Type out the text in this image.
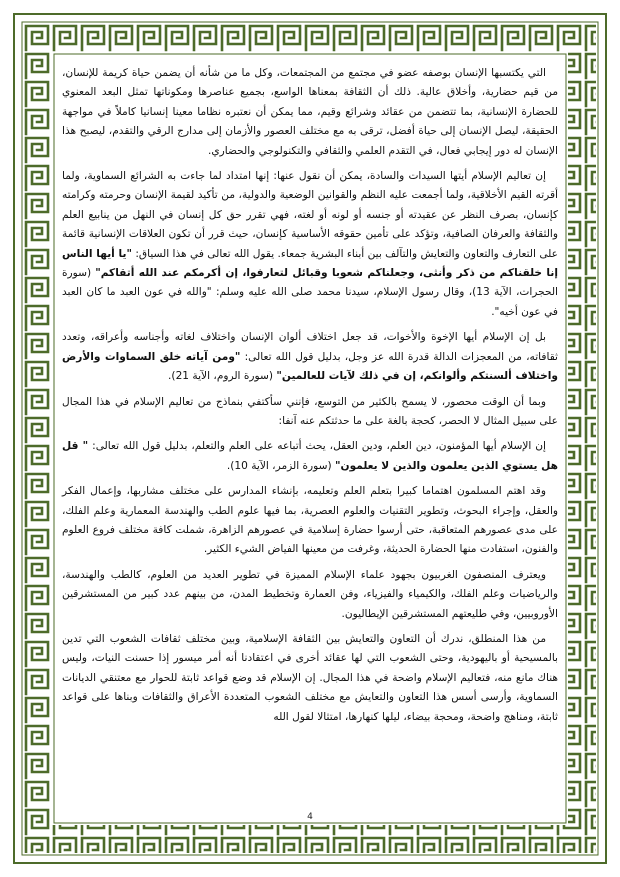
التي يكتسبها الإنسان بوصفه عضو في مجتمع من المجتمعات، وكل ما من شأنه أن يضمن حياة كريمة للإنسان، من قيم حضارية، وأخلاق عالية. ذلك أن الثقافة بمعناها الواسع، بجميع عناصرها ومكوناتها تمثل البعد المعنوي للحضارة الإنسانية، بما تتضمن من عقائد وشرائع وقيم، مما يمكن أن نعتبره نظاما معينا إنسانيا كاملاً في مواجهة الحقيقة، ليصل الإنسان إلى حياة أفضل، ترقى به مع مختلف العصور والأزمان إلى مدارج الرقي والتقدم، ليصبح هذا الإنسان له دور إيجابي فعال، في التقدم العلمي والثقافي والتكنولوجي والحضاري.

إن تعاليم الإسلام أيتها السيدات والسادة، يمكن أن نقول عنها: إنها امتداد لما جاءت به الشرائع السماوية، ولما أقرته القيم الأخلاقية، ولما أجمعت عليه النظم والقوانين الوضعية والدولية، من تأكيد لقيمة الإنسان وحرمته وكرامته كإنسان، بصرف النظر عن عقيدته أو جنسه أو لونه أو لغته، فهي تقرر حق كل إنسان في النهل من ينابيع العلم والثقافة والعرفان الصافية، وتؤكد على تأمين حقوقه الأساسية كإنسان، حيث قرر أن تكون العلاقات الإنسانية قائمة على التعارف والتعاون والتعايش والتآلف بين أبناء البشرية جمعاء. يقول الله تعالى في هذا السياق: "يا أيها الناس إنا خلقناكم من ذكر وأنثى، وجعلناكم شعوبا وقبائل لتعارفوا، إن أكرمكم عند الله أتقاكم" (سورة الحجرات، الآية 13)، وقال رسول الإسلام، سيدنا محمد صلى الله عليه وسلم: "والله في عون العبد ما كان العبد في عون أخيه".

بل إن الإسلام أيها الإخوة والأخوات، قد جعل اختلاف ألوان الإنسان واختلاف لغاته وأجناسه وأعراقه، وتعدد ثقافاته، من المعجزات الدالة قدرة الله عز وجل، بدليل قول الله تعالى: "ومن آياته خلق السماوات والأرض واختلاف ألسنتكم وألوانكم، إن في ذلك لآيات للعالمين" (سورة الروم، الآية 21).

وبما أن الوقت محصور، لا يسمح بالكثير من التوسع، فإنني سأكتفي بنماذج من تعاليم الإسلام في هذا المجال على سبيل المثال لا الحصر، كحجة بالغة على ما حدثتكم عنه آنفا:

إن الإسلام أيها المؤمنون، دين العلم، ودين العقل، يحث أتباعه على العلم والتعلم، بدليل قول الله تعالى: " قل هل يستوي الذين يعلمون والذين لا يعلمون" (سورة الزمر، الآية 10).

وقد اهتم المسلمون اهتماما كبيرا بتعلم العلم وتعليمه، بإنشاء المدارس على مختلف مشاربها، وإعمال الفكر والعقل، وإجراء البحوث، وتطوير التقنيات والعلوم العصرية، بما فيها علوم الطب والهندسة المعمارية وعلم الفلك، على مدى عصورهم المتعاقبة، حتى أرسوا حضارة إسلامية في عصورهم الزاهرة، شملت كافة مختلف فروع العلوم والفنون، استفادت منها الحضارة الحديثة، وغرفت من معينها الفياض الشيء الكثير.

ويعترف المنصفون الغربيون بجهود علماء الإسلام المميزة في تطوير العديد من العلوم، كالطب والهندسة، والرياضيات وعلم الفلك، والكيمياء والفيزياء، وفن العمارة وتخطيط المدن، من بينهم عدد كبير من المستشرقين الأوروبيين، وفي طليعتهم المستشرقين الإيطاليون.

من هذا المنطلق، ندرك أن التعاون والتعايش بين الثقافة الإسلامية، وبين مختلف ثقافات الشعوب التي تدين بالمسيحية أو باليهودية، وحتى الشعوب التي لها عقائد أخرى في اعتقادنا أنه أمر ميسور إذا حسنت النيات، وليس هناك مانع منه، فتعاليم الإسلام واضحة في هذا المجال. إن الإسلام قد وضع قواعد ثابتة للحوار مع معتنقي الديانات السماوية، وأرسى أسس هذا التعاون والتعايش مع مختلف الشعوب المتعددة الأعراق والثقافات وبناها على قواعد ثابتة، ومناهج واضحة، ومحجة بيضاء، ليلها كنهارها، امتثالا لقول الله

4
